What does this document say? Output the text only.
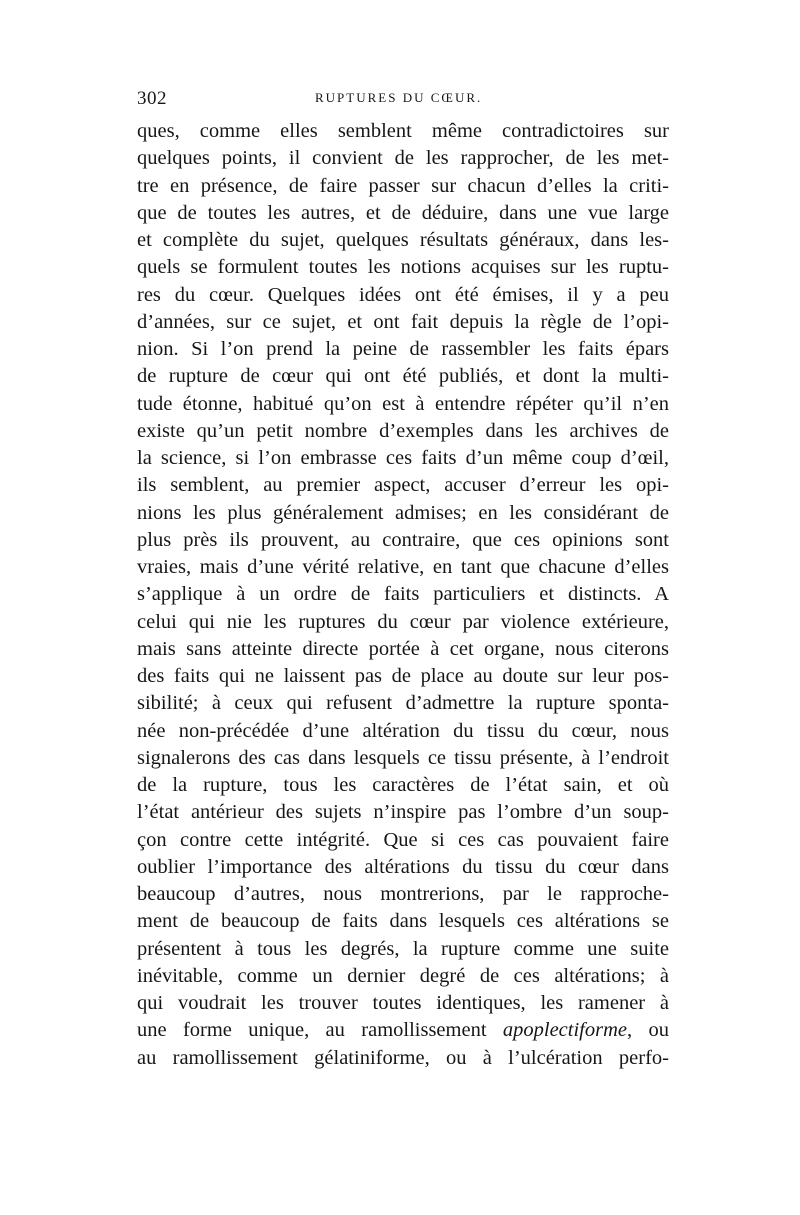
302	RUPTURES DU CŒUR.
ques, comme elles semblent même contradictoires sur
quelques points, il convient de les rapprocher, de les met-
tre en présence, de faire passer sur chacun d’elles la criti-
que de toutes les autres, et de déduire, dans une vue large
et complète du sujet, quelques résultats généraux, dans les-
quels se formulent toutes les notions acquises sur les ruptu-
res du cœur. Quelques idées ont été émises, il y a peu
d’années, sur ce sujet, et ont fait depuis la règle de l’opi-
nion. Si l’on prend la peine de rassembler les faits épars
de rupture de cœur qui ont été publiés, et dont la multi-
tude étonne, habitué qu’on est à entendre répéter qu’il n’en
existe qu’un petit nombre d’exemples dans les archives de
la science, si l’on embrasse ces faits d’un même coup d’œil,
ils semblent, au premier aspect, accuser d’erreur les opi-
nions les plus généralement admises; en les considérant de
plus près ils prouvent, au contraire, que ces opinions sont
vraies, mais d’une vérité relative, en tant que chacune d’elles
s’applique à un ordre de faits particuliers et distincts. A
celui qui nie les ruptures du cœur par violence extérieure,
mais sans atteinte directe portée à cet organe, nous citerons
des faits qui ne laissent pas de place au doute sur leur pos-
sibilité; à ceux qui refusent d’admettre la rupture sponta-
née non-précédée d’une altération du tissu du cœur, nous
signalerons des cas dans lesquels ce tissu présente, à l’endroit
de la rupture, tous les caractères de l’état sain, et où
l’état antérieur des sujets n’inspire pas l’ombre d’un soup-
çon contre cette intégrité. Que si ces cas pouvaient faire
oublier l’importance des altérations du tissu du cœur dans
beaucoup d’autres, nous montrerions, par le rapproche-
ment de beaucoup de faits dans lesquels ces altérations se
présentent à tous les degrés, la rupture comme une suite
inévitable, comme un dernier degré de ces altérations; à
qui voudrait les trouver toutes identiques, les ramener à
une forme unique, au ramollissement apoplectiforme, ou
au ramollissement gélatiniforme, ou à l’ulcération perfo-
